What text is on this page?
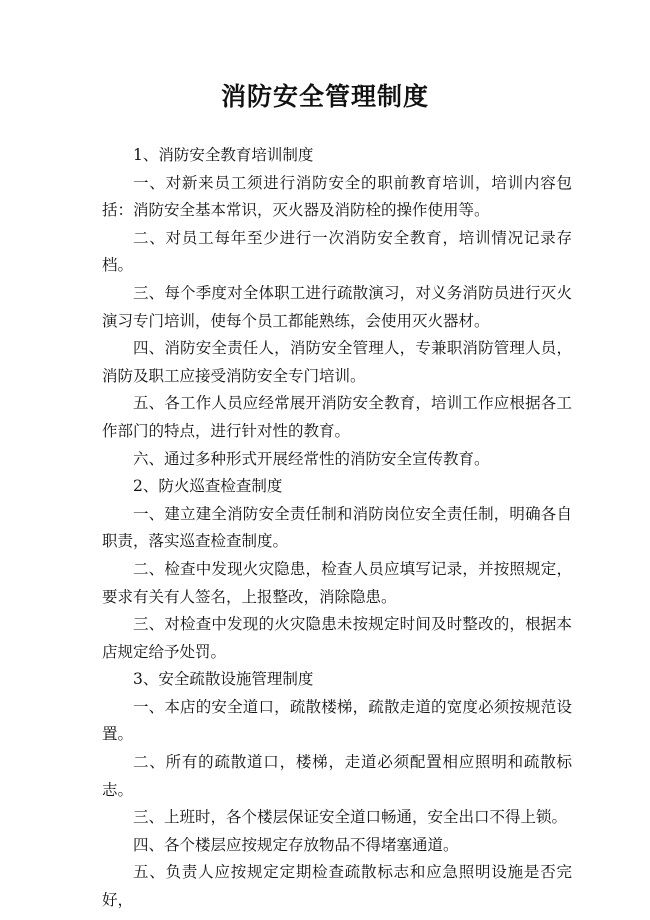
消防安全管理制度

1、消防安全教育培训制度

一、对新来员工须进行消防安全的职前教育培训，培训内容包括：消防安全基本常识，灭火器及消防栓的操作使用等。

二、对员工每年至少进行一次消防安全教育，培训情况记录存档。

三、每个季度对全体职工进行疏散演习，对义务消防员进行灭火演习专门培训，使每个员工都能熟练，会使用灭火器材。

四、消防安全责任人，消防安全管理人，专兼职消防管理人员，消防及职工应接受消防安全专门培训。

五、各工作人员应经常展开消防安全教育，培训工作应根据各工作部门的特点，进行针对性的教育。

六、通过多种形式开展经常性的消防安全宣传教育。

2、防火巡查检查制度

一、建立建全消防安全责任制和消防岗位安全责任制，明确各自职责，落实巡查检查制度。

二、检查中发现火灾隐患，检查人员应填写记录，并按照规定，要求有关有人签名，上报整改，消除隐患。

三、对检查中发现的火灾隐患未按规定时间及时整改的，根据本店规定给予处罚。

3、安全疏散设施管理制度

一、本店的安全道口，疏散楼梯，疏散走道的宽度必须按规范设置。

二、所有的疏散道口，楼梯，走道必须配置相应照明和疏散标志。

三、上班时，各个楼层保证安全道口畅通，安全出口不得上锁。

四、各个楼层应按规定存放物品不得堵塞通道。

五、负责人应按规定定期检查疏散标志和应急照明设施是否完好，
